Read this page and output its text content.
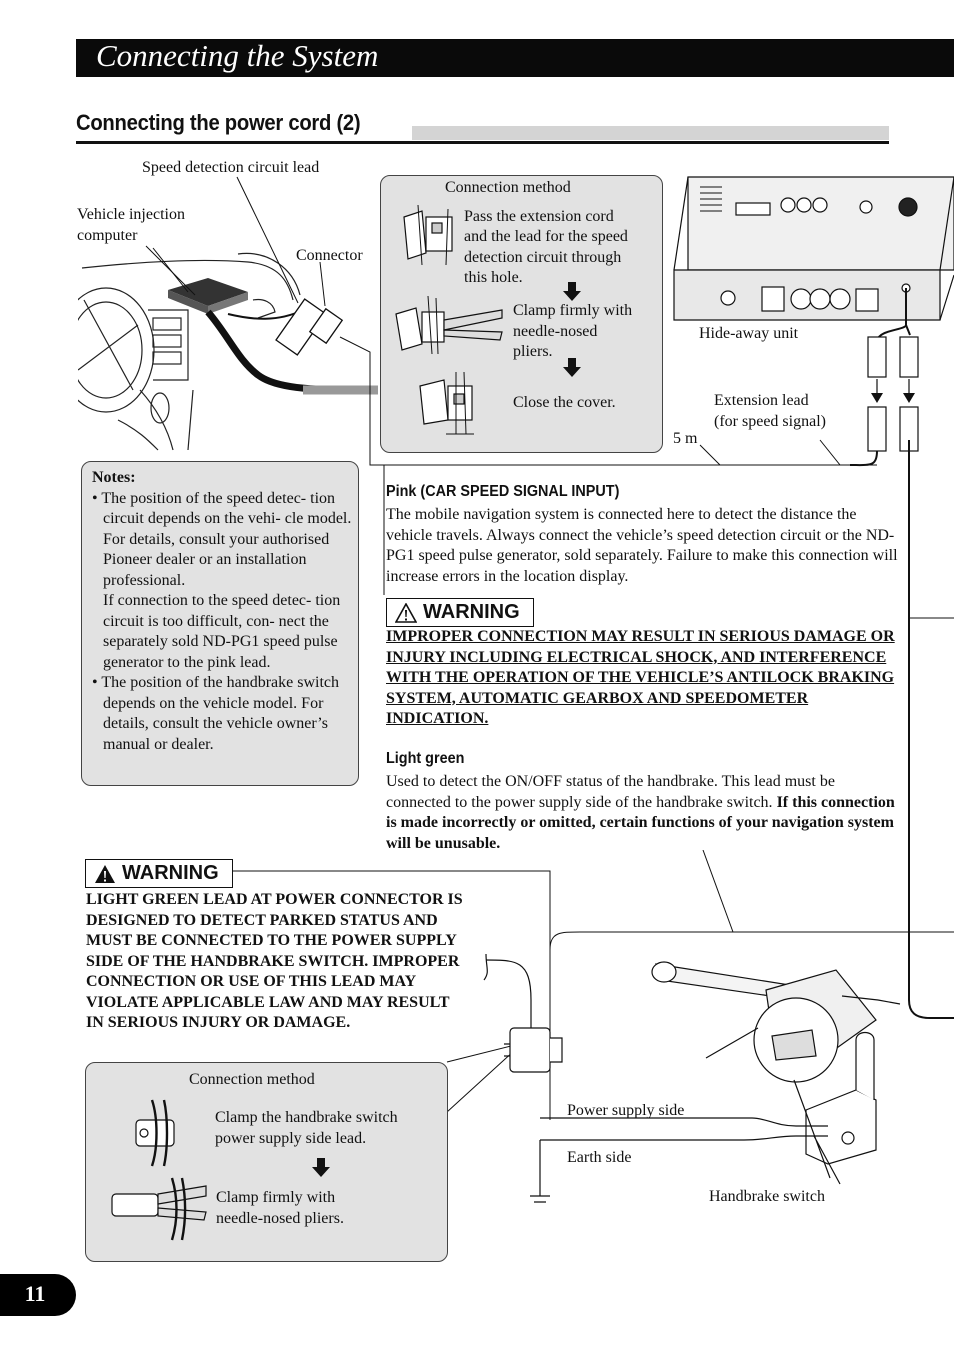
Connecting the System
Connecting the power cord (2)
Speed detection circuit lead
Vehicle injection
computer
Connector
Connection method
Pass the extension cord
and the lead for the speed
detection circuit through
this hole.
Clamp firmly with
needle-nosed
pliers.
Close the cover.
Hide-away unit
Extension lead
(for speed signal)
5 m

Notes:

• The position of the speed detec- tion circuit depends on the vehi- cle model. For details, consult your authorised Pioneer dealer or an installation professional.

If connection to the speed detec- tion circuit is too difficult, con- nect the separately sold ND-PG1 speed pulse generator to the pink lead.

• The position of the handbrake switch depends on the vehicle model. For details, consult the vehicle owner’s manual or dealer.

Pink (CAR SPEED SIGNAL INPUT)
The mobile navigation system is connected here to detect the distance the vehicle travels. Always connect the vehicle’s speed detection circuit or the ND-PG1 speed pulse generator, sold separately. Failure to make this connection will increase errors in the location display.
WARNING
IMPROPER CONNECTION MAY RESULT IN SERIOUS DAMAGE OR INJURY INCLUDING ELECTRICAL SHOCK, AND INTERFERENCE WITH THE OPERATION OF THE VEHICLE’S ANTILOCK BRAKING SYSTEM, AUTOMATIC GEARBOX AND SPEEDOMETER INDICATION.
Light green
Used to detect the ON/OFF status of the handbrake. This lead must be connected to the power supply side of the handbrake switch. If this connection is made incorrectly or omitted, certain functions of your navigation system will be unusable.
WARNING
LIGHT GREEN LEAD AT POWER CONNECTOR IS DESIGNED TO DETECT PARKED STATUS AND MUST BE CONNECTED TO THE POWER SUPPLY SIDE OF THE HANDBRAKE SWITCH. IMPROPER CONNECTION OR USE OF THIS LEAD MAY VIOLATE APPLICABLE LAW AND MAY RESULT IN SERIOUS INJURY OR DAMAGE.
Connection method
Clamp the handbrake switch
power supply side lead.
Clamp firmly with
needle-nosed pliers.
Power supply side
Earth side
Handbrake switch
11
